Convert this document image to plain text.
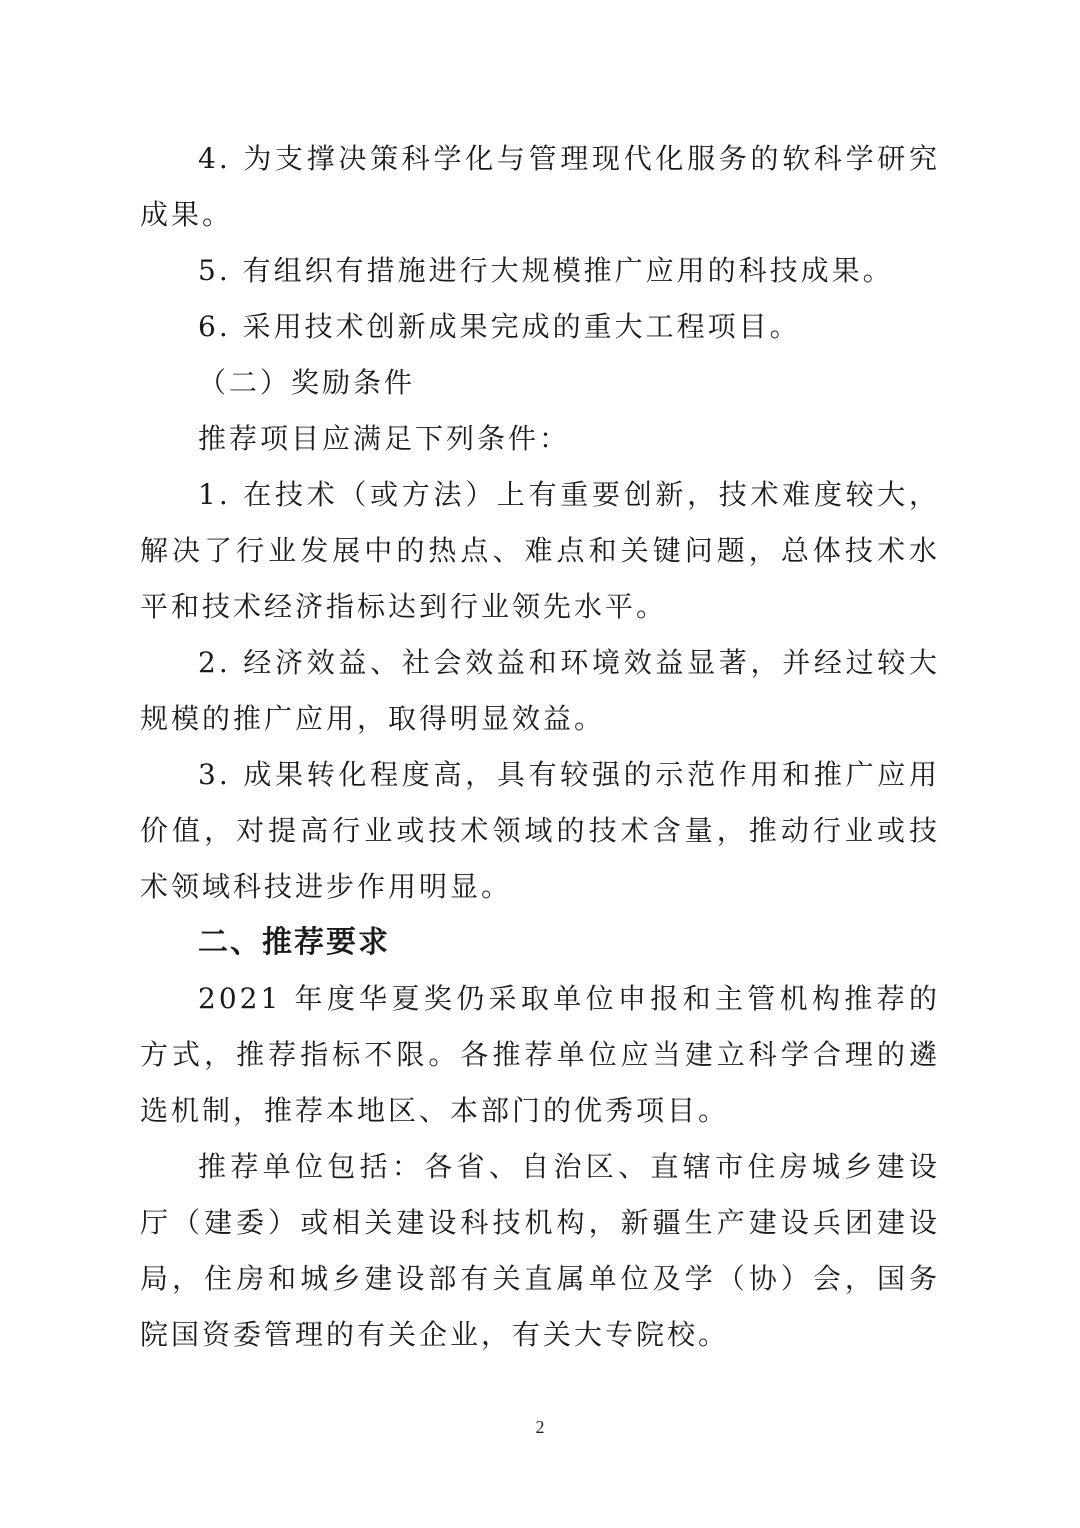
4. 为支撑决策科学化与管理现代化服务的软科学研究成果。

5. 有组织有措施进行大规模推广应用的科技成果。

6. 采用技术创新成果完成的重大工程项目。

（二）奖励条件

推荐项目应满足下列条件：

1. 在技术（或方法）上有重要创新，技术难度较大，解决了行业发展中的热点、难点和关键问题，总体技术水平和技术经济指标达到行业领先水平。

2. 经济效益、社会效益和环境效益显著，并经过较大规模的推广应用，取得明显效益。

3. 成果转化程度高，具有较强的示范作用和推广应用价值，对提高行业或技术领域的技术含量，推动行业或技术领域科技进步作用明显。

二、推荐要求

2021 年度华夏奖仍采取单位申报和主管机构推荐的方式，推荐指标不限。各推荐单位应当建立科学合理的遴选机制，推荐本地区、本部门的优秀项目。

推荐单位包括：各省、自治区、直辖市住房城乡建设厅（建委）或相关建设科技机构，新疆生产建设兵团建设局，住房和城乡建设部有关直属单位及学（协）会，国务院国资委管理的有关企业，有关大专院校。

2
